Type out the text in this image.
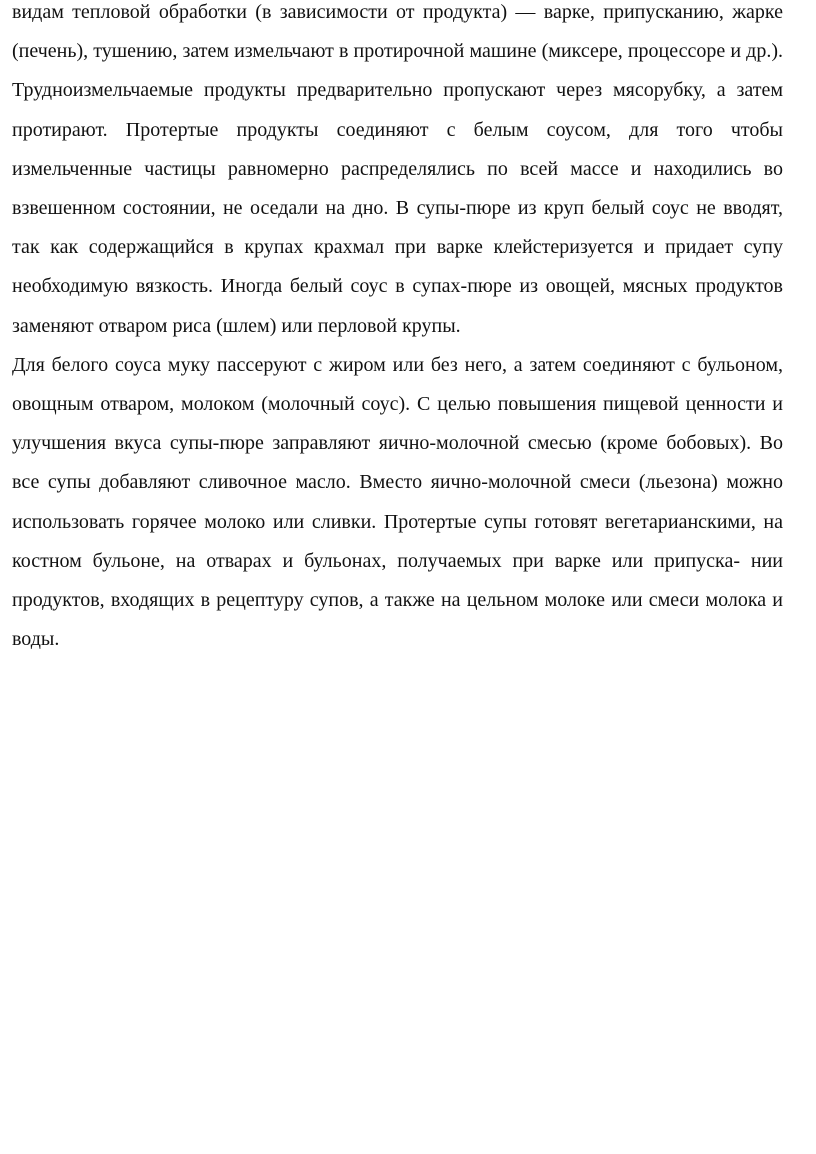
видам тепловой обработки (в зависимости от продукта) — варке, припусканию, жарке (печень), тушению, затем измельчают в протирочной машине (миксере, процессоре и др.). Трудноизмельчаемые продукты предварительно пропускают через мясорубку, а затем протирают. Протертые продукты соединяют с белым соусом, для того чтобы измельченные частицы равномерно распределялись по всей массе и находились во взвешенном состоянии, не оседали на дно. В супы-пюре из круп белый соус не вводят, так как содержащийся в крупах крахмал при варке клейстеризуется и придает супу необходимую вязкость. Иногда белый соус в супах-пюре из овощей, мясных продуктов заменяют отваром риса (шлем) или перловой крупы.

Для белого соуса муку пассеруют с жиром или без него, а затем соединяют с бульоном, овощным отваром, молоком (молочный соус). С целью повышения пищевой ценности и улучшения вкуса супы-пюре заправляют яично-молочной смесью (кроме бобовых). Во все супы добавляют сливочное масло. Вместо яично-молочной смеси (льезона) можно использовать горячее молоко или сливки. Протертые супы готовят вегетарианскими, на костном бульоне, на отварах и бульонах, получаемых при варке или припуска- нии продуктов, входящих в рецептуру супов, а также на цельном молоке или смеси молока и воды.
